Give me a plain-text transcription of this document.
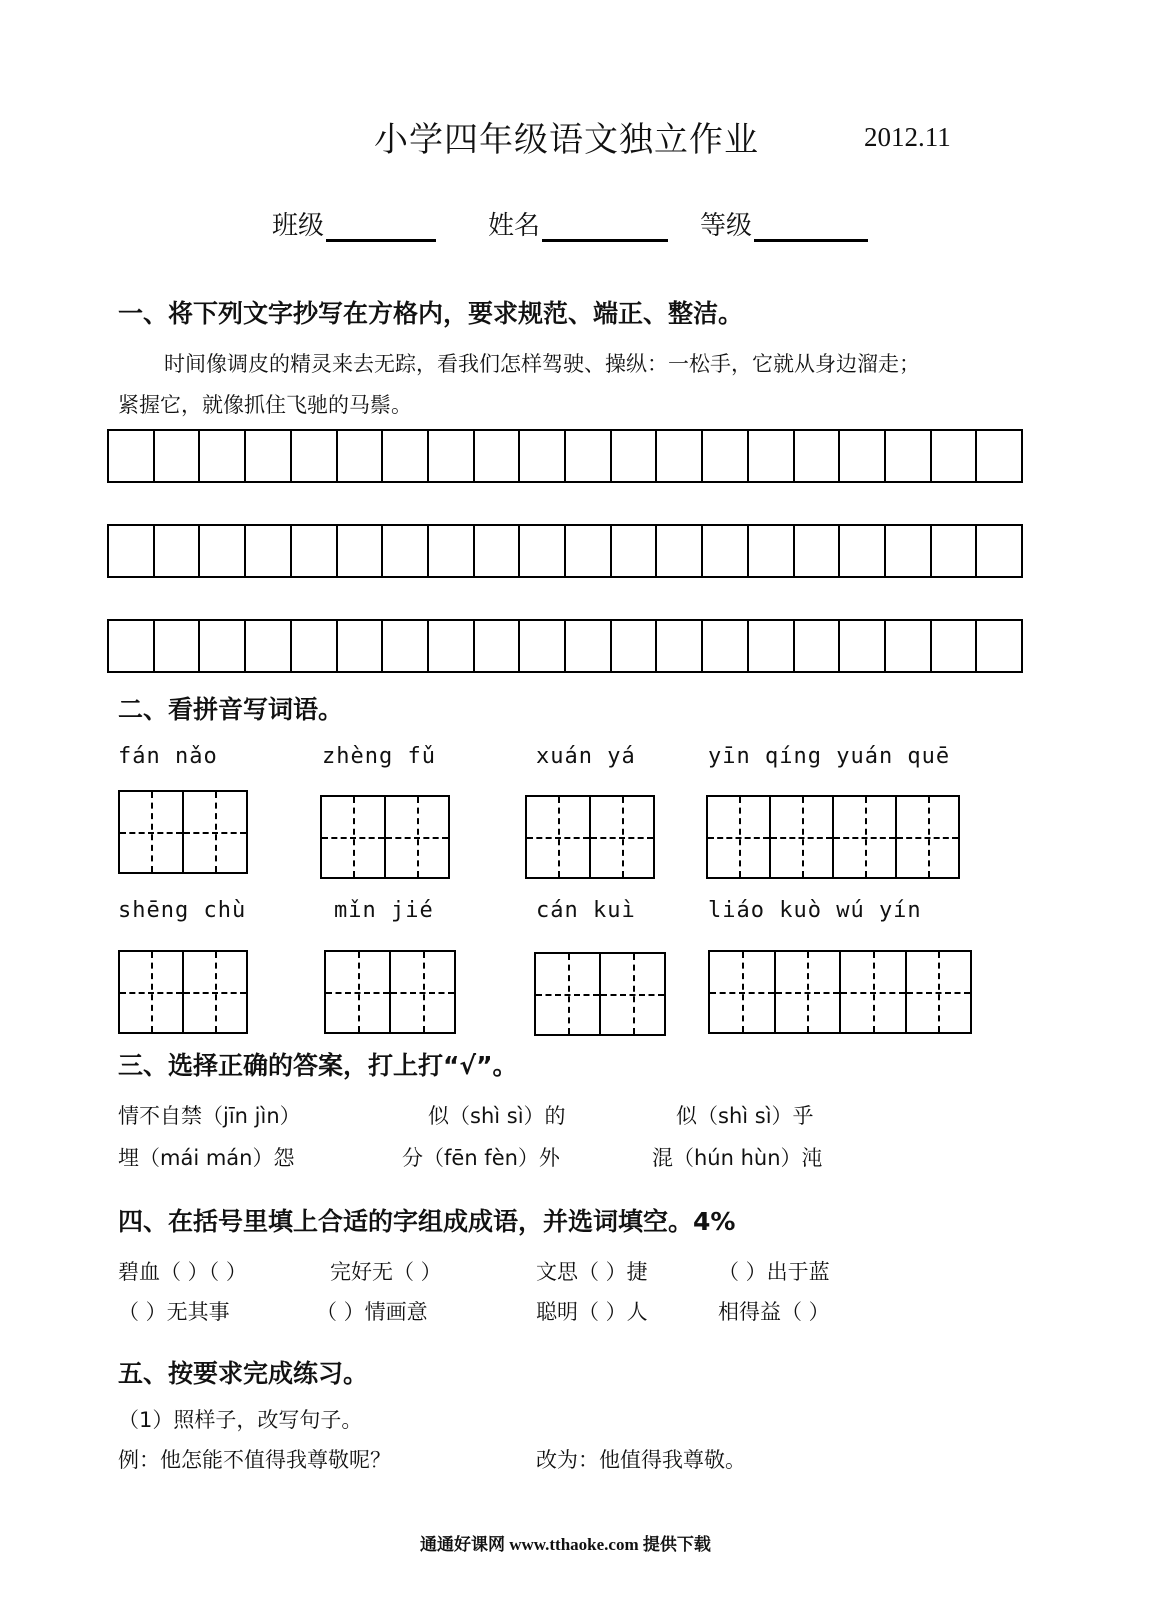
小学四年级语文独立作业	2012.11
班级	姓名	等级
一、将下列文字抄写在方格内，要求规范、端正、整洁。
时间像调皮的精灵来去无踪，看我们怎样驾驶、操纵：一松手，它就从身边溜走；
紧握它，就像抓住飞驰的马鬃。
二、看拼音写词语。
fán nǎo	zhèng fǔ	xuán yá	yīn qíng yuán quē
shēng chù	mǐn jié	cán kuì	liáo kuò wú yín
三、选择正确的答案，打上打“√”。
情不自禁（jīn jìn）	似（shì sì）的	似（shì sì）乎
埋（mái mán）怨	分（fēn fèn）外	混（hún hùn）沌
四、在括号里填上合适的字组成成语，并选词填空。4%
碧血（ ）（ ）	完好无（ ）	文思（ ）捷	（ ）出于蓝
（ ）无其事	（ ）情画意	聪明（ ）人	相得益（ ）
五、按要求完成练习。
（1）照样子，改写句子。
例：他怎能不值得我尊敬呢？	改为：他值得我尊敬。
通通好课网 www.tthaoke.com 提供下载
